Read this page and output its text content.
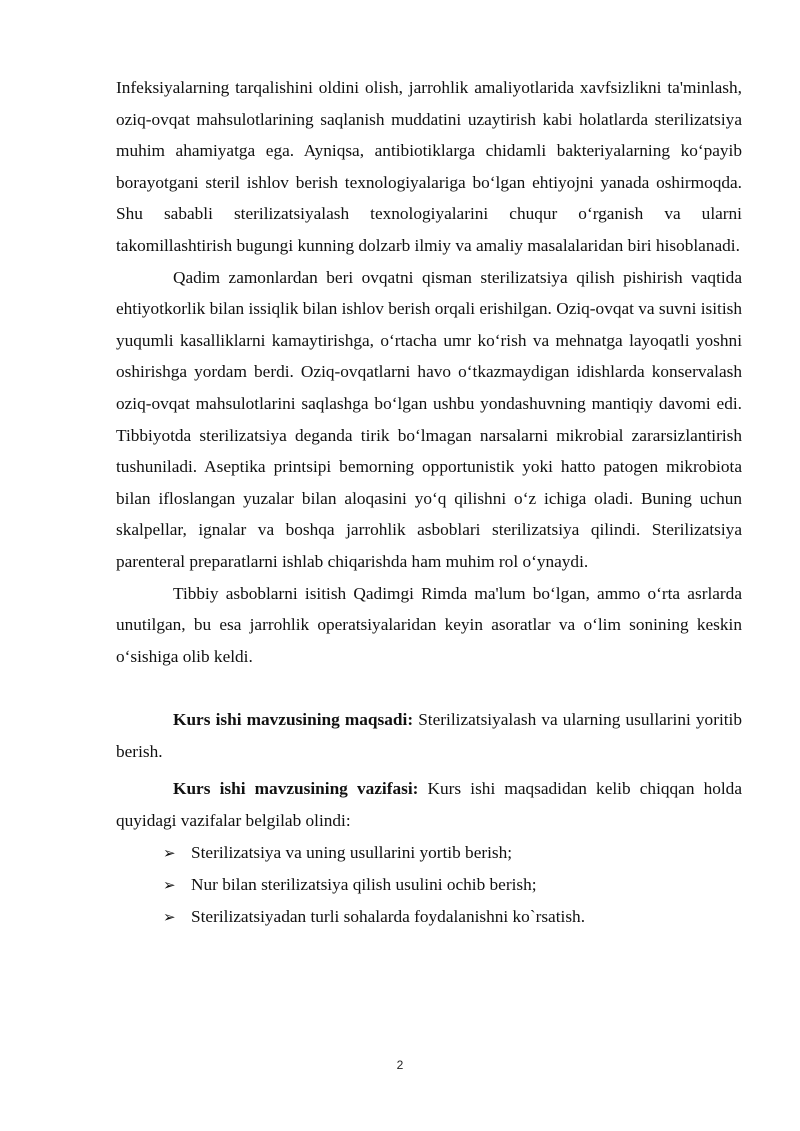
Infeksiyalarning tarqalishini oldini olish, jarrohlik amaliyotlarida xavfsizlikni ta'minlash, oziq-ovqat mahsulotlarining saqlanish muddatini uzaytirish kabi holatlarda sterilizatsiya muhim ahamiyatga ega. Ayniqsa, antibiotiklarga chidamli bakteriyalarning ko‘payib borayotgani steril ishlov berish texnologiyalariga bo‘lgan ehtiyojni yanada oshirmoqda. Shu sababli sterilizatsiyalash texnologiyalarini chuqur o‘rganish va ularni takomillashtirish bugungi kunning dolzarb ilmiy va amaliy masalalaridan biri hisoblanadi.

Qadim zamonlardan beri ovqatni qisman sterilizatsiya qilish pishirish vaqtida ehtiyotkorlik bilan issiqlik bilan ishlov berish orqali erishilgan. Oziq-ovqat va suvni isitish yuqumli kasalliklarni kamaytirishga, o‘rtacha umr ko‘rish va mehnatga layoqatli yoshni oshirishga yordam berdi. Oziq-ovqatlarni havo o‘tkazmaydigan idishlarda konservalash oziq-ovqat mahsulotlarini saqlashga bo‘lgan ushbu yondashuvning mantiqiy davomi edi. Tibbiyotda sterilizatsiya deganda tirik bo‘lmagan narsalarni mikrobial zararsizlantirish tushuniladi. Aseptika printsipi bemorning opportunistik yoki hatto patogen mikrobiota bilan ifloslangan yuzalar bilan aloqasini yo‘q qilishni o‘z ichiga oladi. Buning uchun skalpellar, ignalar va boshqa jarrohlik asboblari sterilizatsiya qilindi. Sterilizatsiya parenteral preparatlarni ishlab chiqarishda ham muhim rol o‘ynaydi.

Tibbiy asboblarni isitish Qadimgi Rimda ma'lum bo‘lgan, ammo o‘rta asrlarda unutilgan, bu esa jarrohlik operatsiyalaridan keyin asoratlar va o‘lim sonining keskin o‘sishiga olib keldi.

Kurs ishi mavzusining maqsadi: Sterilizatsiyalash va ularning usullarini yoritib berish.

Kurs ishi mavzusining vazifasi: Kurs ishi maqsadidan kelib chiqqan holda quyidagi vazifalar belgilab olindi:

➢ Sterilizatsiya va uning usullarini yortib berish;
➢ Nur bilan sterilizatsiya qilish usulini ochib berish;
➢ Sterilizatsiyadan turli sohalarda foydalanishni ko`rsatish.
2
